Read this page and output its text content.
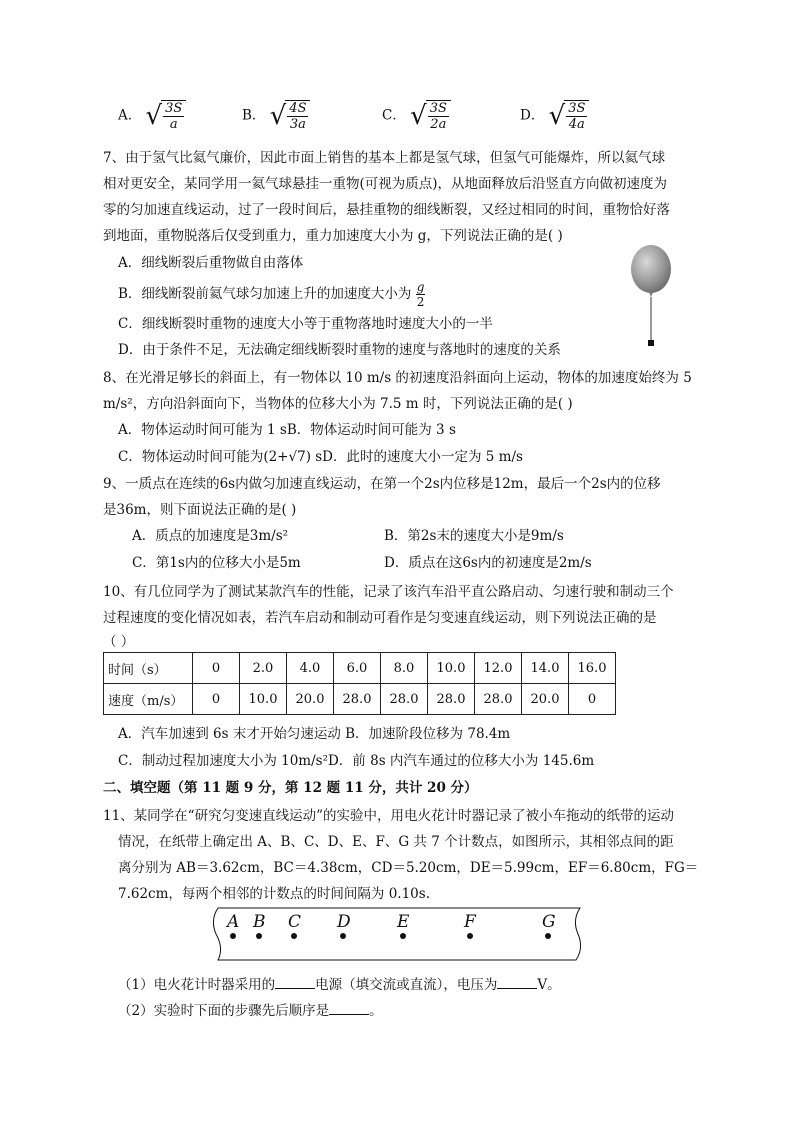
A． √ $\frac{3S}{a}$	B． √ $\frac{4S}{3a}$	C． √ $\frac{3S}{2a}$	D． √ $\frac{3S}{4a}$
7、由于氢气比氦气廉价，因此市面上销售的基本上都是氢气球，但氢气可能爆炸，所以氦气球
相对更安全，某同学用一氦气球悬挂一重物(可视为质点)，从地面释放后沿竖直方向做初速度为
零的匀加速直线运动，过了一段时间后，悬挂重物的细线断裂，又经过相同的时间，重物恰好落
到地面，重物脱落后仅受到重力，重力加速度大小为 g，下列说法正确的是( )
A．细线断裂后重物做自由落体
B．细线断裂前氦气球匀加速上升的加速度大小为 $\frac{g}{2}$
C．细线断裂时重物的速度大小等于重物落地时速度大小的一半
D．由于条件不足，无法确定细线断裂时重物的速度与落地时的速度的关系
8、在光滑足够长的斜面上，有一物体以 10 m/s 的初速度沿斜面向上运动，物体的加速度始终为 5
m/s²，方向沿斜面向下，当物体的位移大小为 7.5 m 时，下列说法正确的是( )
A．物体运动时间可能为 1 sB．物体运动时间可能为 3 s
C．物体运动时间可能为(2+√7) sD．此时的速度大小一定为 5 m/s
9、一质点在连续的6s内做匀加速直线运动，在第一个2s内位移是12m，最后一个2s内的位移
是36m，则下面说法正确的是( )
A．质点的加速度是3m/s²	B．第2s末的速度大小是9m/s
C．第1s内的位移大小是5m	D．质点在这6s内的初速度是2m/s
10、有几位同学为了测试某款汽车的性能，记录了该汽车沿平直公路启动、匀速行驶和制动三个
过程速度的变化情况如表，若汽车启动和制动可看作是匀变速直线运动，则下列说法正确的是
（ ）
时间（s）	0	2.0	4.0	6.0	8.0	10.0	12.0	14.0	16.0
速度（m/s）	0	10.0	20.0	28.0	28.0	28.0	28.0	20.0	0
A．汽车加速到 6s 末才开始匀速运动 B．加速阶段位移为 78.4m
C．制动过程加速度大小为 10m/s²D．前 8s 内汽车通过的位移大小为 145.6m
二、填空题（第 11 题 9 分，第 12 题 11 分，共计 20 分）
11、某同学在“研究匀变速直线运动”的实验中，用电火花计时器记录了被小车拖动的纸带的运动
情况，在纸带上确定出 A、B、C、D、E、F、G 共 7 个计数点，如图所示，其相邻点间的距
离分别为 AB＝3.62cm，BC＝4.38cm，CD＝5.20cm，DE＝5.99cm，EF＝6.80cm，FG＝
7.62cm，每两个相邻的计数点的时间间隔为 0.10s.
A B C D	E	F	G
（1）电火花计时器采用的	电源（填交流或直流），电压为	V。
（2）实验时下面的步骤先后顺序是	。
